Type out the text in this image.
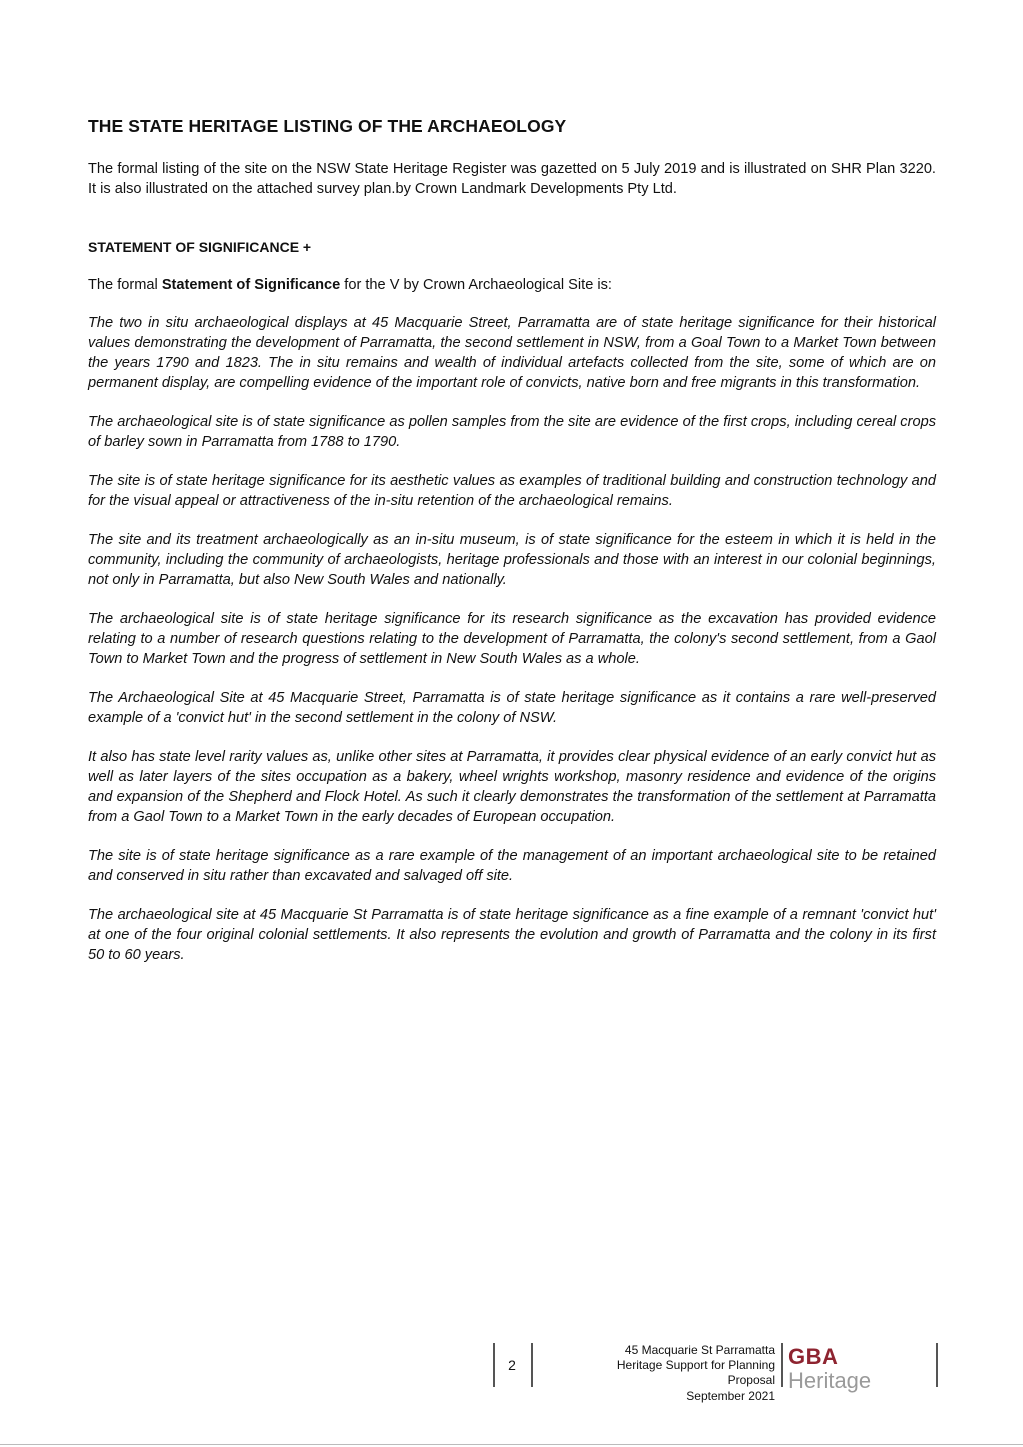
THE STATE HERITAGE LISTING OF THE ARCHAEOLOGY

The formal listing of the site on the NSW State Heritage Register was gazetted on 5 July 2019 and is illustrated on SHR Plan 3220. It is also illustrated on the attached survey plan.by Crown Landmark Developments Pty Ltd.

STATEMENT OF SIGNIFICANCE +

The formal Statement of Significance for the V by Crown Archaeological Site is:

The two in situ archaeological displays at 45 Macquarie Street, Parramatta are of state heritage significance for their historical values demonstrating the development of Parramatta, the second settlement in NSW, from a Goal Town to a Market Town between the years 1790 and 1823. The in situ remains and wealth of individual artefacts collected from the site, some of which are on permanent display, are compelling evidence of the important role of convicts, native born and free migrants in this transformation.

The archaeological site is of state significance as pollen samples from the site are evidence of the first crops, including cereal crops of barley sown in Parramatta from 1788 to 1790.

The site is of state heritage significance for its aesthetic values as examples of traditional building and construction technology and for the visual appeal or attractiveness of the in-situ retention of the archaeological remains.

The site and its treatment archaeologically as an in-situ museum, is of state significance for the esteem in which it is held in the community, including the community of archaeologists, heritage professionals and those with an interest in our colonial beginnings, not only in Parramatta, but also New South Wales and nationally.

The archaeological site is of state heritage significance for its research significance as the excavation has provided evidence relating to a number of research questions relating to the development of Parramatta, the colony's second settlement, from a Gaol Town to Market Town and the progress of settlement in New South Wales as a whole.

The Archaeological Site at 45 Macquarie Street, Parramatta is of state heritage significance as it contains a rare well-preserved example of a 'convict hut' in the second settlement in the colony of NSW.

It also has state level rarity values as, unlike other sites at Parramatta, it provides clear physical evidence of an early convict hut as well as later layers of the sites occupation as a bakery, wheel wrights workshop, masonry residence and evidence of the origins and expansion of the Shepherd and Flock Hotel. As such it clearly demonstrates the transformation of the settlement at Parramatta from a Gaol Town to a Market Town in the early decades of European occupation.

The site is of state heritage significance as a rare example of the management of an important archaeological site to be retained and conserved in situ rather than excavated and salvaged off site.

The archaeological site at 45 Macquarie St Parramatta is of state heritage significance as a fine example of a remnant 'convict hut' at one of the four original colonial settlements. It also represents the evolution and growth of Parramatta and the colony in its first 50 to 60 years.

2
45 Macquarie St Parramatta
Heritage Support for Planning
Proposal
September 2021
GBA
Heritage
